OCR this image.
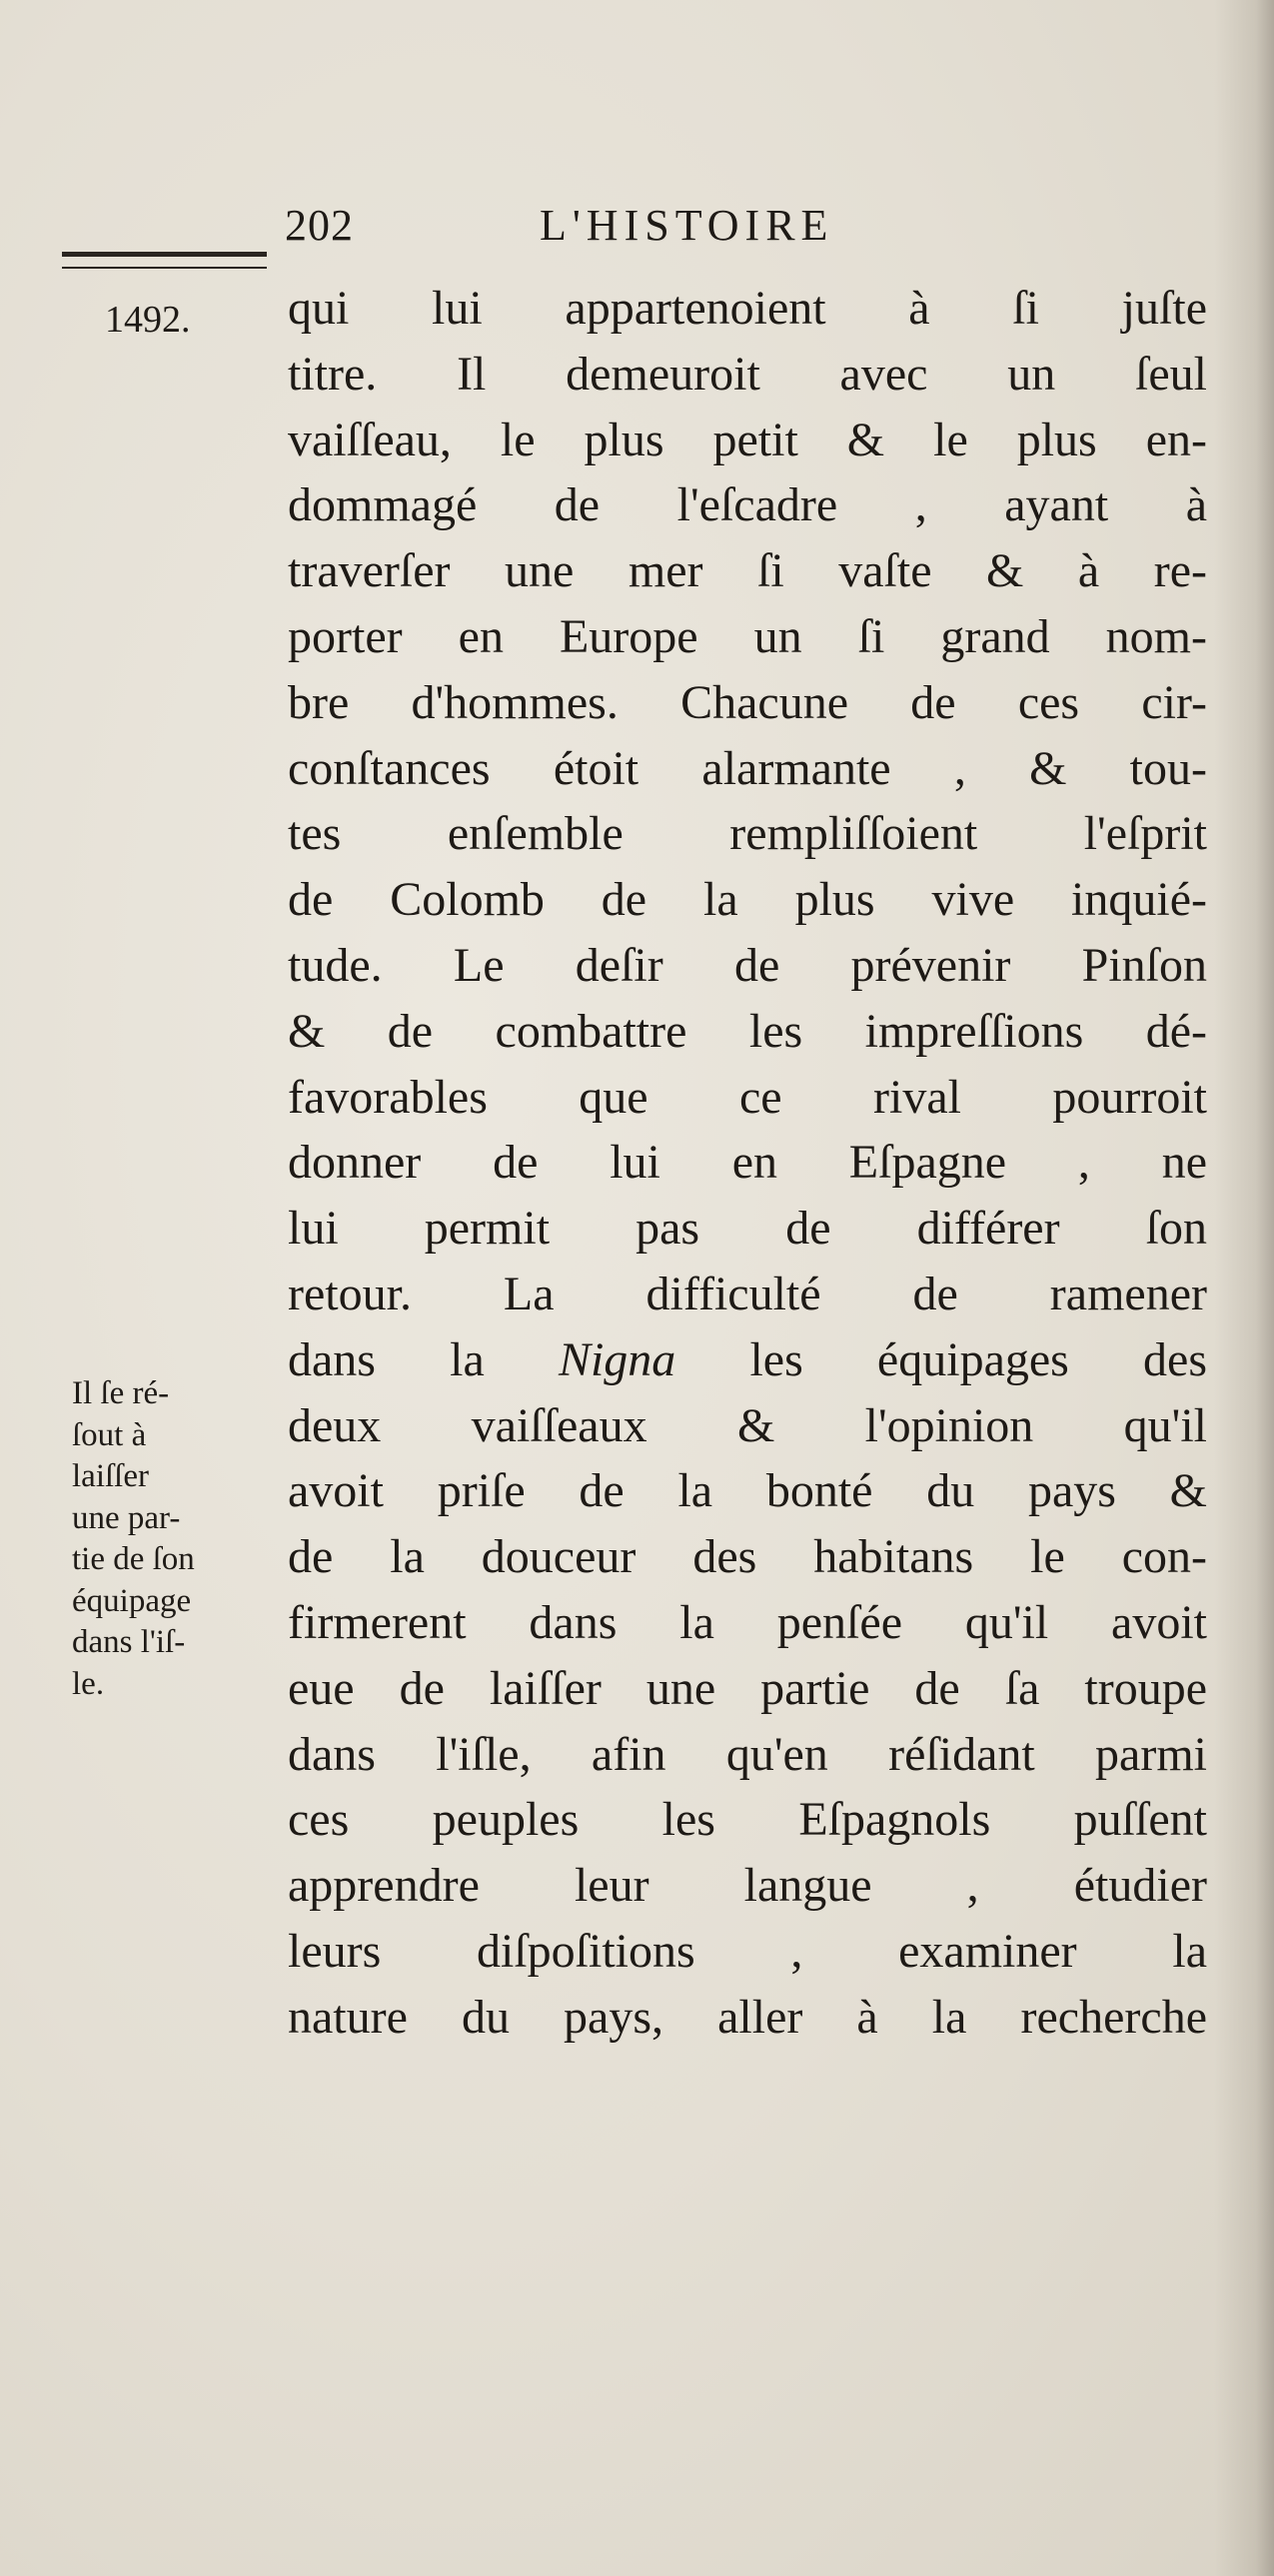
202	L'HISTOIRE
1492. qui lui appartenoient à ſi juſte
titre. Il demeuroit avec un ſeul
vaiſſeau, le plus petit & le plus en-
dommagé de l'eſcadre , ayant à
traverſer une mer ſi vaſte & à re-
porter en Europe un ſi grand nom-
bre d'hommes. Chacune de ces cir-
conſtances étoit alarmante , & tou-
tes enſemble rempliſſoient l'eſprit
de Colomb de la plus vive inquié-
tude. Le deſir de prévenir Pinſon
& de combattre les impreſſions dé-
favorables que ce rival pourroit
donner de lui en Eſpagne , ne
lui permit pas de différer ſon
retour. La difficulté de ramener
dans la Nigna les équipages des
deux vaiſſeaux & l'opinion qu'il
avoit priſe de la bonté du pays &
de la douceur des habitans le con-
firmerent dans la penſée qu'il avoit
eue de laiſſer une partie de ſa troupe
dans l'iſle, afin qu'en réſidant parmi
ces peuples les Eſpagnols puſſent
apprendre leur langue , étudier
leurs diſpoſitions , examiner la
nature du pays, aller à la recherche
Il ſe ré-
ſout à
laiſſer
une par-
tie de ſon
équipage
dans l'iſ-
le.
